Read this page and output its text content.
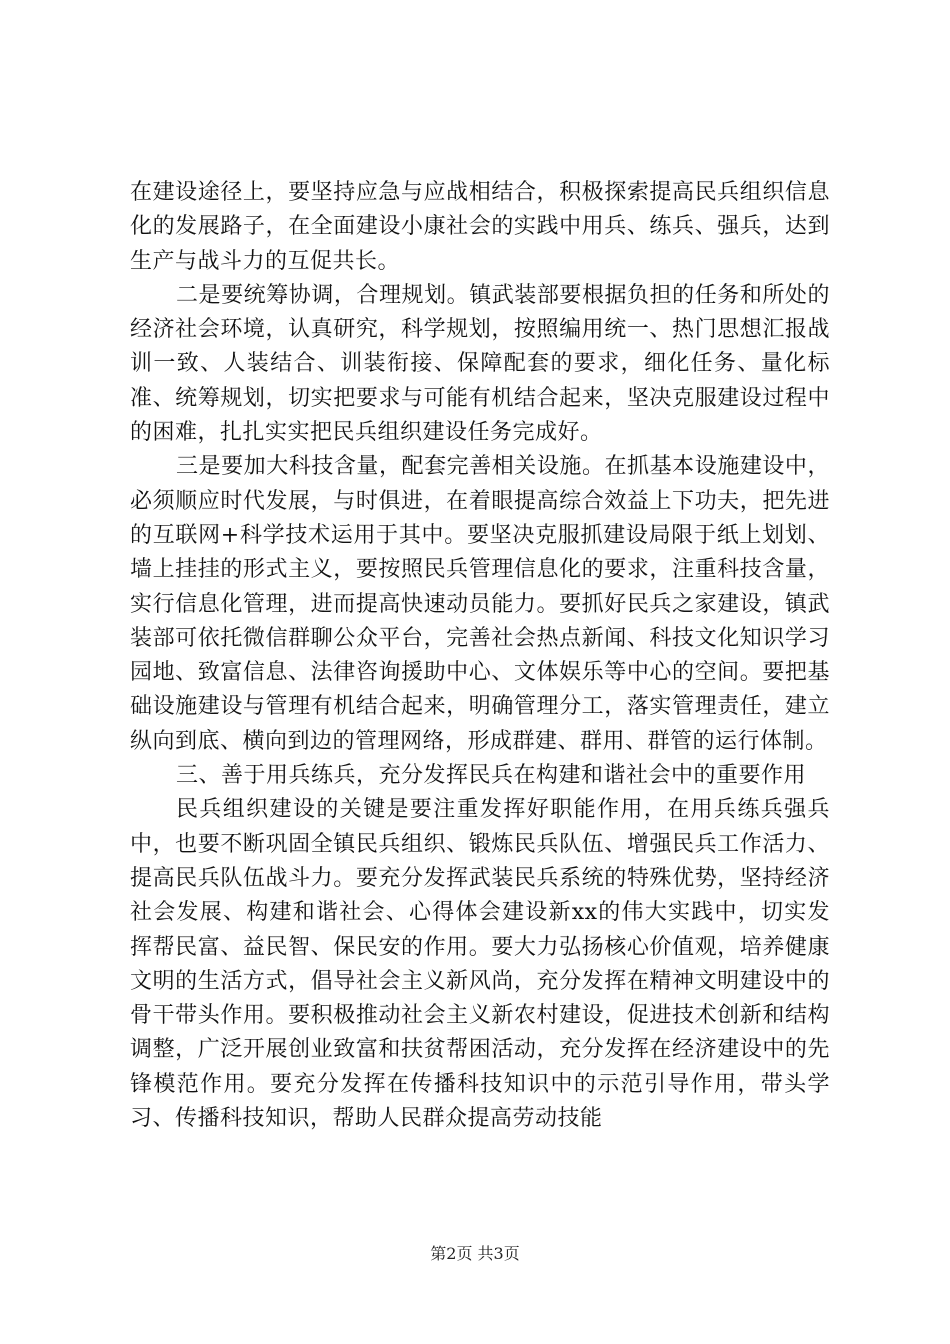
在建设途径上，要坚持应急与应战相结合，积极探索提高民兵组织信息化的发展路子，在全面建设小康社会的实践中用兵、练兵、强兵，达到生产与战斗力的互促共长。

二是要统筹协调，合理规划。镇武装部要根据负担的任务和所处的经济社会环境，认真研究，科学规划，按照编用统一、热门思想汇报战训一致、人装结合、训装衔接、保障配套的要求，细化任务、量化标准、统筹规划，切实把要求与可能有机结合起来，坚决克服建设过程中的困难，扎扎实实把民兵组织建设任务完成好。

三是要加大科技含量，配套完善相关设施。在抓基本设施建设中，必须顺应时代发展，与时俱进，在着眼提高综合效益上下功夫，把先进的互联网+科学技术运用于其中。要坚决克服抓建设局限于纸上划划、墙上挂挂的形式主义，要按照民兵管理信息化的要求，注重科技含量，实行信息化管理，进而提高快速动员能力。要抓好民兵之家建设，镇武装部可依托微信群聊公众平台，完善社会热点新闻、科技文化知识学习园地、致富信息、法律咨询援助中心、文体娱乐等中心的空间。要把基础设施建设与管理有机结合起来，明确管理分工，落实管理责任，建立纵向到底、横向到边的管理网络，形成群建、群用、群管的运行体制。

三、善于用兵练兵，充分发挥民兵在构建和谐社会中的重要作用

民兵组织建设的关键是要注重发挥好职能作用，在用兵练兵强兵中，也要不断巩固全镇民兵组织、锻炼民兵队伍、增强民兵工作活力、提高民兵队伍战斗力。要充分发挥武装民兵系统的特殊优势，坚持经济社会发展、构建和谐社会、心得体会建设新xx的伟大实践中，切实发挥帮民富、益民智、保民安的作用。要大力弘扬核心价值观，培养健康文明的生活方式，倡导社会主义新风尚，充分发挥在精神文明建设中的骨干带头作用。要积极推动社会主义新农村建设，促进技术创新和结构调整，广泛开展创业致富和扶贫帮困活动，充分发挥在经济建设中的先锋模范作用。要充分发挥在传播科技知识中的示范引导作用，带头学习、传播科技知识，帮助人民群众提高劳动技能

第2页 共3页
